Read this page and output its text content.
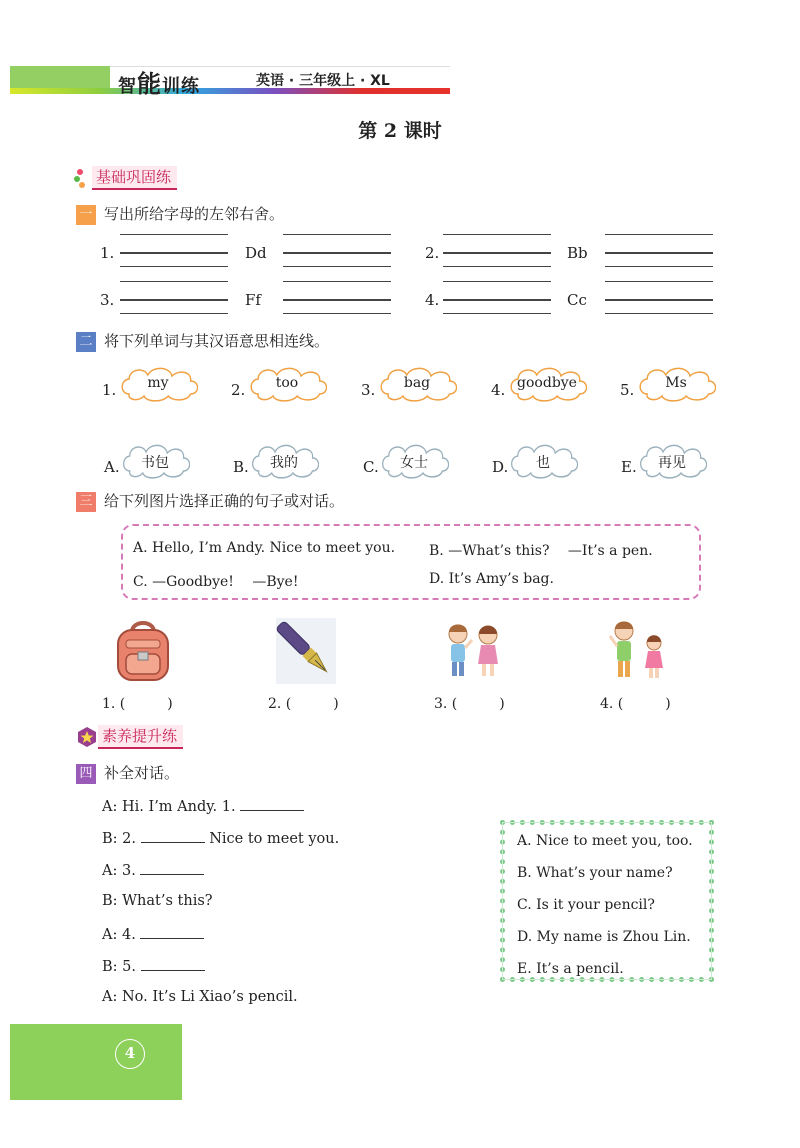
智能训练	英语 · 三年级上 · XL
第 2 课时
基础巩固练
一 写出所给字母的左邻右舍。
1.	Dd	2.	Bb
3.	Ff	4.	Cc
二 将下列单词与其汉语意思相连线。
1.	my	2.	too	3.	bag	4. goodbye	5.	Ms
A.	书包	B.	我的	C.	女士	D.	也	E.	再见
三 给下列图片选择正确的句子或对话。
A. Hello, I’m Andy. Nice to meet you. B. —What’s this?　 —It’s a pen.
C. —Goodbye!　 —Bye!	D. It’s Amy’s bag.
1. (　　　)	2. (　　　)	3. (　　　)	4. (　　　)
素养提升练
四 补全对话。
A: Hi. I’m Andy. 1.
B: 2.	Nice to meet you.
A: 3.
B: What’s this?
A: 4.
B: 5.
A: No. It’s Li Xiao’s pencil.
A. Nice to meet you, too.
B. What’s your name?
C. Is it your pencil?
D. My name is Zhou Lin.
E. It’s a pencil.
4
